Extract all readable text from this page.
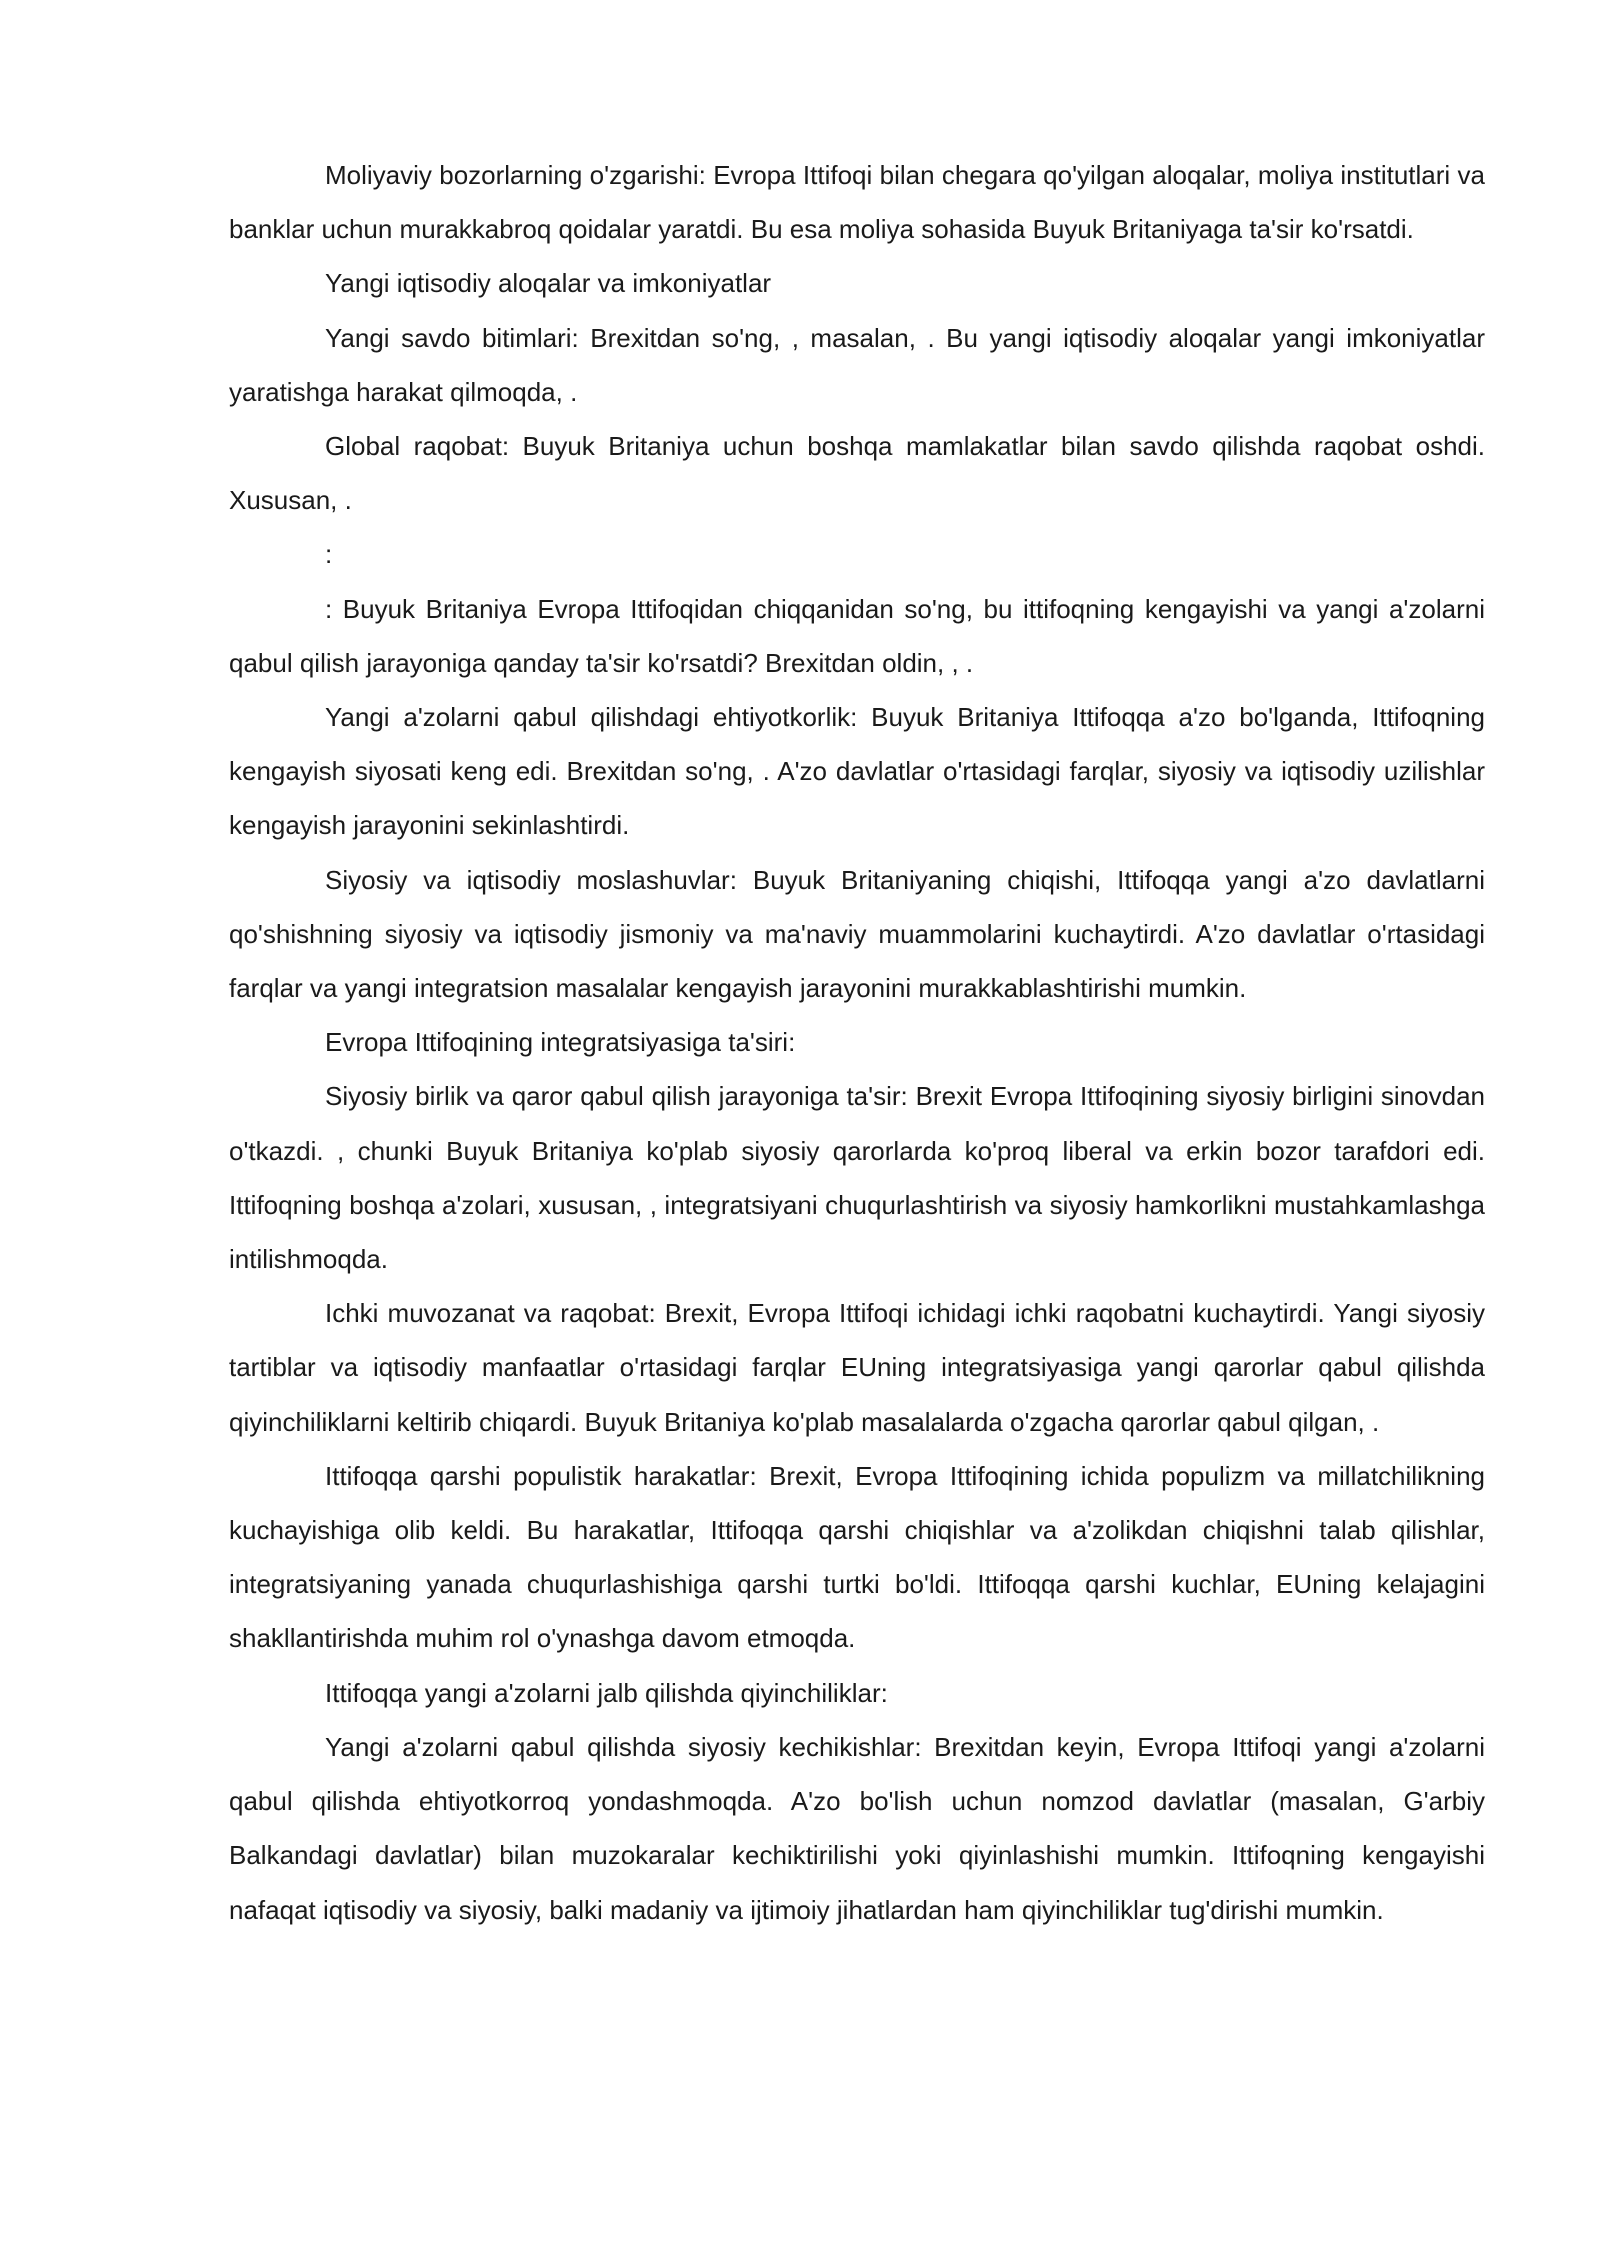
Moliyaviy bozorlarning o'zgarishi: Evropa Ittifoqi bilan chegara qo'yilgan aloqalar, moliya institutlari va banklar uchun murakkabroq qoidalar yaratdi. Bu esa moliya sohasida Buyuk Britaniyaga ta'sir ko'rsatdi.

Yangi iqtisodiy aloqalar va imkoniyatlar

Yangi savdo bitimlari: Brexitdan so'ng, , masalan, . Bu yangi iqtisodiy aloqalar yangi imkoniyatlar yaratishga harakat qilmoqda, .

Global raqobat: Buyuk Britaniya uchun boshqa mamlakatlar bilan savdo qilishda raqobat oshdi. Xususan, .

:

: Buyuk Britaniya Evropa Ittifoqidan chiqqanidan so'ng, bu ittifoqning kengayishi va yangi a'zolarni qabul qilish jarayoniga qanday ta'sir ko'rsatdi? Brexitdan oldin, , .

Yangi a'zolarni qabul qilishdagi ehtiyotkorlik: Buyuk Britaniya Ittifoqqa a'zo bo'lganda, Ittifoqning kengayish siyosati keng edi. Brexitdan so'ng, . A'zo davlatlar o'rtasidagi farqlar, siyosiy va iqtisodiy uzilishlar kengayish jarayonini sekinlashtirdi.

Siyosiy va iqtisodiy moslashuvlar: Buyuk Britaniyaning chiqishi, Ittifoqqa yangi a'zo davlatlarni qo'shishning siyosiy va iqtisodiy jismoniy va ma'naviy muammolarini kuchaytirdi. A'zo davlatlar o'rtasidagi farqlar va yangi integratsion masalalar kengayish jarayonini murakkablashtirishi mumkin.

Evropa Ittifoqining integratsiyasiga ta'siri:

Siyosiy birlik va qaror qabul qilish jarayoniga ta'sir: Brexit Evropa Ittifoqining siyosiy birligini sinovdan o'tkazdi. , chunki Buyuk Britaniya ko'plab siyosiy qarorlarda ko'proq liberal va erkin bozor tarafdori edi. Ittifoqning boshqa a'zolari, xususan, , integratsiyani chuqurlashtirish va siyosiy hamkorlikni mustahkamlashga intilishmoqda.

Ichki muvozanat va raqobat: Brexit, Evropa Ittifoqi ichidagi ichki raqobatni kuchaytirdi. Yangi siyosiy tartiblar va iqtisodiy manfaatlar o'rtasidagi farqlar EUning integratsiyasiga yangi qarorlar qabul qilishda qiyinchiliklarni keltirib chiqardi. Buyuk Britaniya ko'plab masalalarda o'zgacha qarorlar qabul qilgan, .

Ittifoqqa qarshi populistik harakatlar: Brexit, Evropa Ittifoqining ichida populizm va millatchilikning kuchayishiga olib keldi. Bu harakatlar, Ittifoqqa qarshi chiqishlar va a'zolikdan chiqishni talab qilishlar, integratsiyaning yanada chuqurlashishiga qarshi turtki bo'ldi. Ittifoqqa qarshi kuchlar, EUning kelajagini shakllantirishda muhim rol o'ynashga davom etmoqda.

Ittifoqqa yangi a'zolarni jalb qilishda qiyinchiliklar:

Yangi a'zolarni qabul qilishda siyosiy kechikishlar: Brexitdan keyin, Evropa Ittifoqi yangi a'zolarni qabul qilishda ehtiyotkorroq yondashmoqda. A'zo bo'lish uchun nomzod davlatlar (masalan, G'arbiy Balkandagi davlatlar) bilan muzokaralar kechiktirilishi yoki qiyinlashishi mumkin. Ittifoqning kengayishi nafaqat iqtisodiy va siyosiy, balki madaniy va ijtimoiy jihatlardan ham qiyinchiliklar tug'dirishi mumkin.
